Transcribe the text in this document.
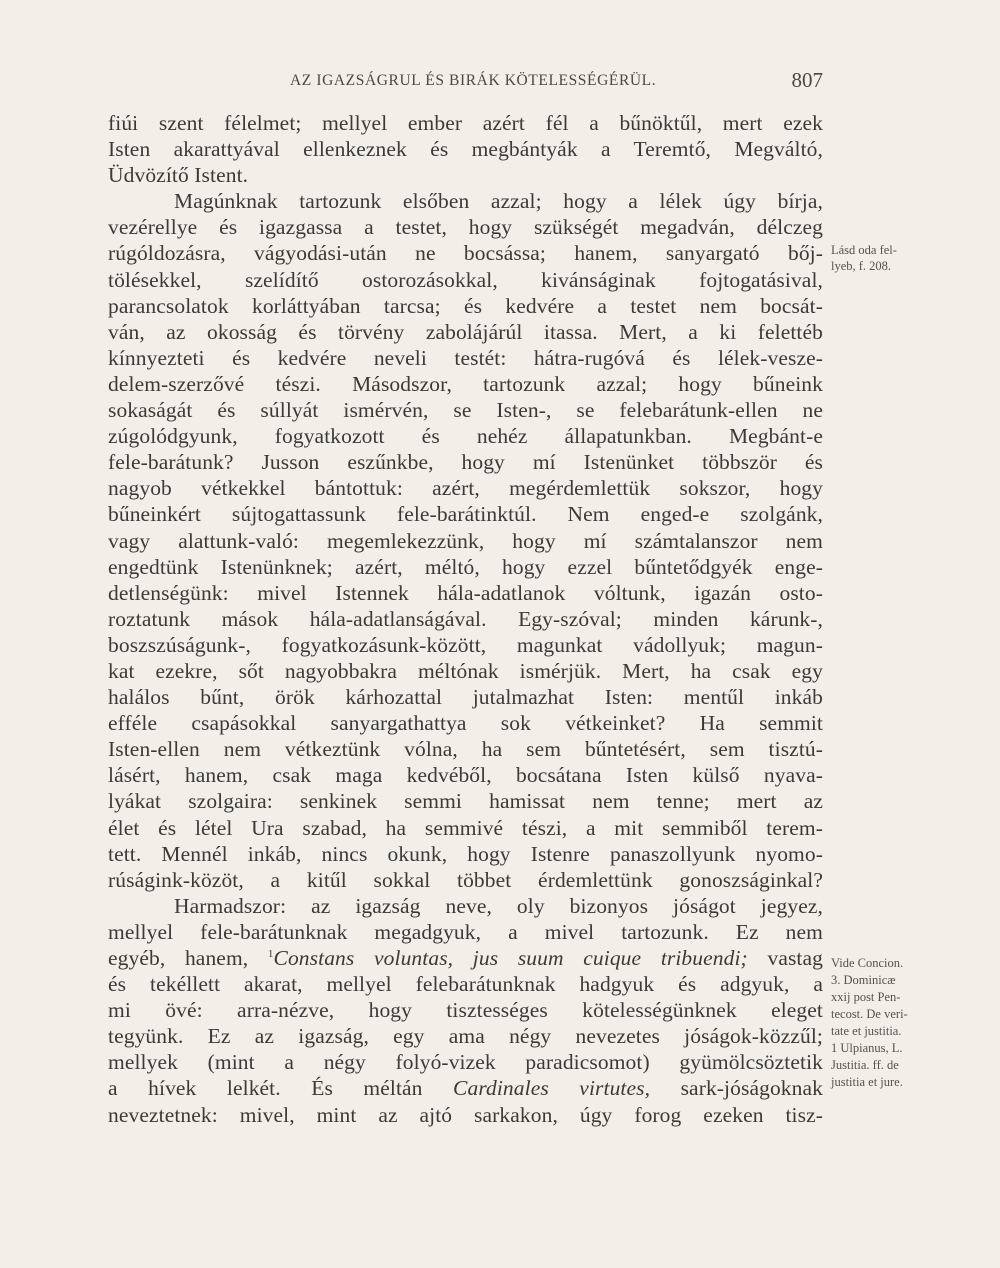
AZ IGAZSÁGRUL ÉS BIRÁK KÖTELESSÉGÉRÜL.	807
fiúi szent félelmet; mellyel ember azért fél a bűnöktűl, mert ezek
Isten akarattyával ellenkeznek és megbántyák a Teremtő, Megváltó,
Üdvözítő Istent.
Magúnknak tartozunk elsőben azzal; hogy a lélek úgy bírja,
vezérellye és igazgassa a testet, hogy szükségét megadván, délczeg
rúgóldozásra, vágyodási-után ne bocsássa; hanem, sanyargató bőj-
tölésekkel, szelídítő ostorozásokkal, kivánságinak fojtogatásival,
parancsolatok korláttyában tarcsa; és kedvére a testet nem bocsát-
ván, az okosság és törvény zabolájárúl itassa. Mert, a ki felettéb
kínnyezteti és kedvére neveli testét: hátra-rugóvá és lélek-vesze-
delem-szerzővé tészi. Másodszor, tartozunk azzal; hogy bűneink
sokaságát és súllyát ismérvén, se Isten-, se felebarátunk-ellen ne
zúgolódgyunk, fogyatkozott és nehéz állapatunkban. Megbánt-e
fele-barátunk? Jusson eszűnkbe, hogy mí Istenünket többször és
nagyob vétkekkel bántottuk: azért, megérdemlettük sokszor, hogy
bűneinkért sújtogattassunk fele-barátinktúl. Nem enged-e szolgánk,
vagy alattunk-való: megemlekezzünk, hogy mí számtalanszor nem
engedtünk Istenünknek; azért, méltó, hogy ezzel bűntetődgyék enge-
detlenségünk: mivel Istennek hála-adatlanok vóltunk, igazán osto-
roztatunk mások hála-adatlanságával. Egy-szóval; minden kárunk-,
boszszúságunk-, fogyatkozásunk-között, magunkat vádollyuk; magun-
kat ezekre, sőt nagyobbakra méltónak ismérjük. Mert, ha csak egy
halálos bűnt, örök kárhozattal jutalmazhat Isten: mentűl inkáb
efféle csapásokkal sanyargathattya sok vétkeinket? Ha semmit
Isten-ellen nem vétkeztünk vólna, ha sem bűntetésért, sem tisztú-
lásért, hanem, csak maga kedvéből, bocsátana Isten külső nyava-
lyákat szolgaira: senkinek semmi hamissat nem tenne; mert az
élet és létel Ura szabad, ha semmivé tészi, a mit semmiből terem-
tett. Mennél inkáb, nincs okunk, hogy Istenre panaszollyunk nyomo-
rúságink-közöt, a kitűl sokkal többet érdemlettünk gonoszságinkal?
Harmadszor: az igazság neve, oly bizonyos jóságot jegyez,
mellyel fele-barátunknak megadgyuk, a mivel tartozunk. Ez nem
egyéb, hanem, $^1$Constans voluntas, jus suum cuique tribuendi; vastag
és tekéllett akarat, mellyel felebarátunknak hadgyuk és adgyuk, a
mi övé: arra-nézve, hogy tisztességes kötelességünknek eleget
tegyünk. Ez az igazság, egy ama négy nevezetes jóságok-közzűl;
mellyek (mint a négy folyó-vizek paradicsomot) gyümölcsöztetik
a hívek lelkét. És méltán Cardinales virtutes, sark-jóságoknak
neveztetnek: mivel, mint az ajtó sarkakon, úgy forog ezeken tisz-
Lásd oda fel-
lyeb, f. 208.
Vide Concion.
3. Dominicæ
xxij post Pen-
tecost. De veri-
tate et justitia.
1 Ulpianus, L.
Justitia. ff. de
justitia et jure.
